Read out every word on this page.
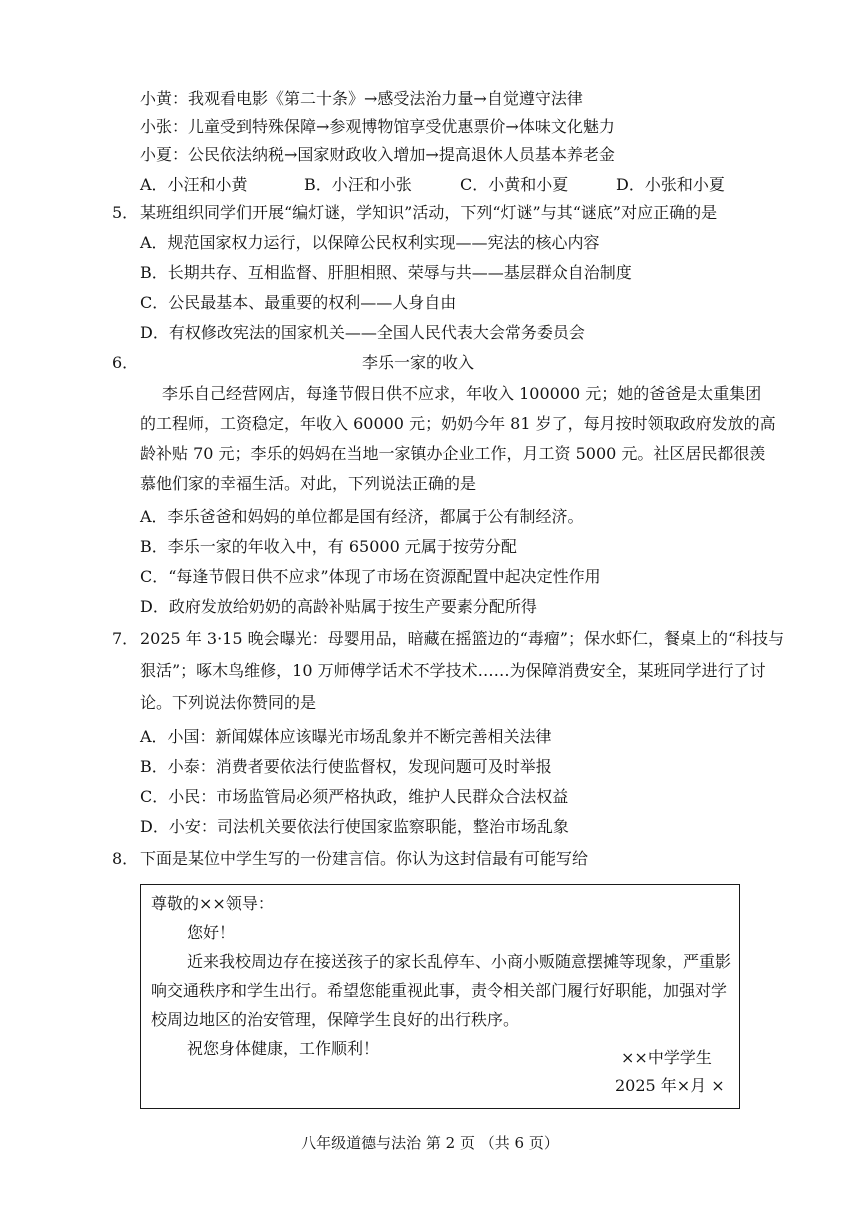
小黄：我观看电影《第二十条》→感受法治力量→自觉遵守法律
小张：儿童受到特殊保障→参观博物馆享受优惠票价→体味文化魅力
小夏：公民依法纳税→国家财政收入增加→提高退休人员基本养老金
A．小汪和小黄	B．小汪和小张	C．小黄和小夏	D．小张和小夏
5． 某班组织同学们开展“编灯谜，学知识”活动，下列“灯谜”与其“谜底”对应正确的是
A．规范国家权力运行，以保障公民权利实现——宪法的核心内容
B．长期共存、互相监督、肝胆相照、荣辱与共——基层群众自治制度
C．公民最基本、最重要的权利——人身自由
D．有权修改宪法的国家机关——全国人民代表大会常务委员会
6．	李乐一家的收入
李乐自己经营网店，每逢节假日供不应求，年收入 100000 元；她的爸爸是太重集团
的工程师，工资稳定，年收入 60000 元；奶奶今年 81 岁了，每月按时领取政府发放的高
龄补贴 70 元；李乐的妈妈在当地一家镇办企业工作，月工资 5000 元。社区居民都很羡
慕他们家的幸福生活。对此，下列说法正确的是
A．李乐爸爸和妈妈的单位都是国有经济，都属于公有制经济。
B．李乐一家的年收入中，有 65000 元属于按劳分配
C．“每逢节假日供不应求”体现了市场在资源配置中起决定性作用
D．政府发放给奶奶的高龄补贴属于按生产要素分配所得
7． 2025 年 3·15 晚会曝光：母婴用品，暗藏在摇篮边的“毒瘤”；保水虾仁，餐桌上的“科技与
狠活”；啄木鸟维修，10 万师傅学话术不学技术……为保障消费安全，某班同学进行了讨
论。下列说法你赞同的是
A．小国：新闻媒体应该曝光市场乱象并不断完善相关法律
B．小泰：消费者要依法行使监督权，发现问题可及时举报
C．小民：市场监管局必须严格执政，维护人民群众合法权益
D．小安：司法机关要依法行使国家监察职能，整治市场乱象
8． 下面是某位中学生写的一份建言信。你认为这封信最有可能写给
尊敬的××领导：
您好！
近来我校周边存在接送孩子的家长乱停车、小商小贩随意摆摊等现象，严重影
响交通秩序和学生出行。希望您能重视此事，责令相关部门履行好职能，加强对学
校周边地区的治安管理，保障学生良好的出行秩序。
祝您身体健康，工作顺利！	××中学学生
2025 年×月 ×
八年级道德与法治 第 2 页 （共 6 页）
